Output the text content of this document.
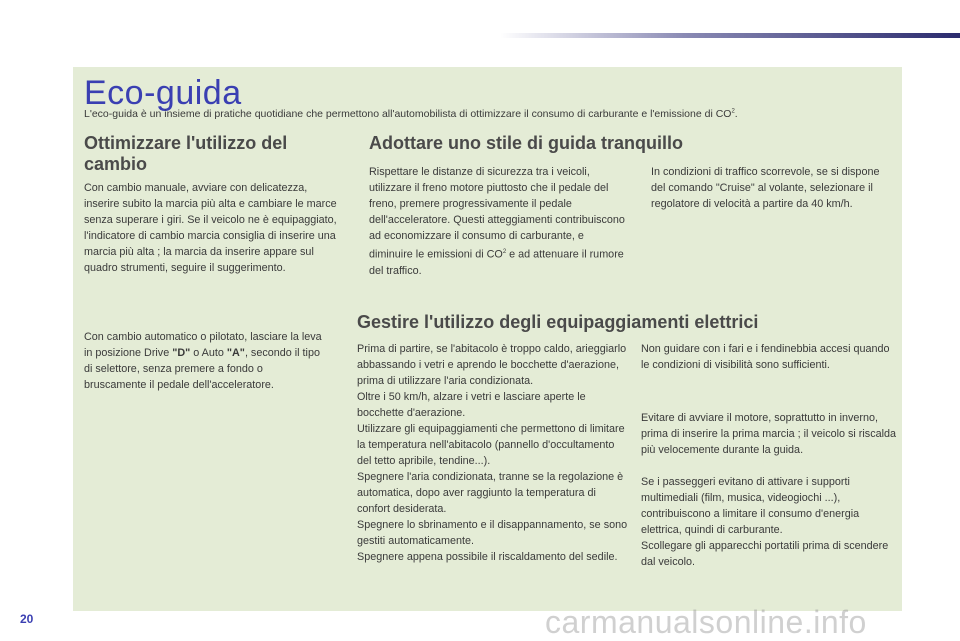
Eco-guida
L'eco-guida è un insieme di pratiche quotidiane che permettono all'automobilista di ottimizzare il consumo di carburante e l'emissione di $CO^2$.
Ottimizzare l'utilizzo del cambio
Con cambio manuale, avviare con delicatezza, inserire subito la marcia più alta e cambiare le marce senza superare i giri. Se il veicolo ne è equipaggiato, l'indicatore di cambio marcia consiglia di inserire una marcia più alta ; la marcia da inserire appare sul quadro strumenti, seguire il suggerimento.
Con cambio automatico o pilotato, lasciare la leva in posizione Drive "D" o Auto "A", secondo il tipo di selettore, senza premere a fondo o bruscamente il pedale dell'acceleratore.
Adottare uno stile di guida tranquillo
Rispettare le distanze di sicurezza tra i veicoli, utilizzare il freno motore piuttosto che il pedale del freno, premere progressivamente il pedale dell'acceleratore. Questi atteggiamenti contribuiscono ad economizzare il consumo di carburante, e diminuire le emissioni di $CO^2$ e ad attenuare il rumore del traffico.
In condizioni di traffico scorrevole, se si dispone del comando "Cruise" al volante, selezionare il regolatore di velocità a partire da 40 km/h.
Gestire l'utilizzo degli equipaggiamenti elettrici

Prima di partire, se l'abitacolo è troppo caldo, arieggiarlo abbassando i vetri e aprendo le bocchette d'aerazione, prima di utilizzare l'aria condizionata.

Oltre i 50 km/h, alzare i vetri e lasciare aperte le bocchette d'aerazione.

Utilizzare gli equipaggiamenti che permettono di limitare la temperatura nell'abitacolo (pannello d'occultamento del tetto apribile, tendine...).

Spegnere l'aria condizionata, tranne se la regolazione è automatica, dopo aver raggiunto la temperatura di confort desiderata.

Spegnere lo sbrinamento e il disappannamento, se sono gestiti automaticamente.

Spegnere appena possibile il riscaldamento del sedile.

Non guidare con i fari e i fendinebbia accesi quando le condizioni di visibilità sono sufficienti.
Evitare di avviare il motore, soprattutto in inverno, prima di inserire la prima marcia ; il veicolo si riscalda più velocemente durante la guida.

Se i passeggeri evitano di attivare i supporti multimediali (film, musica, videogiochi ...), contribuiscono a limitare il consumo d'energia elettrica, quindi di carburante.

Scollegare gli apparecchi portatili prima di scendere dal veicolo.

20	carmanualsonline.info
